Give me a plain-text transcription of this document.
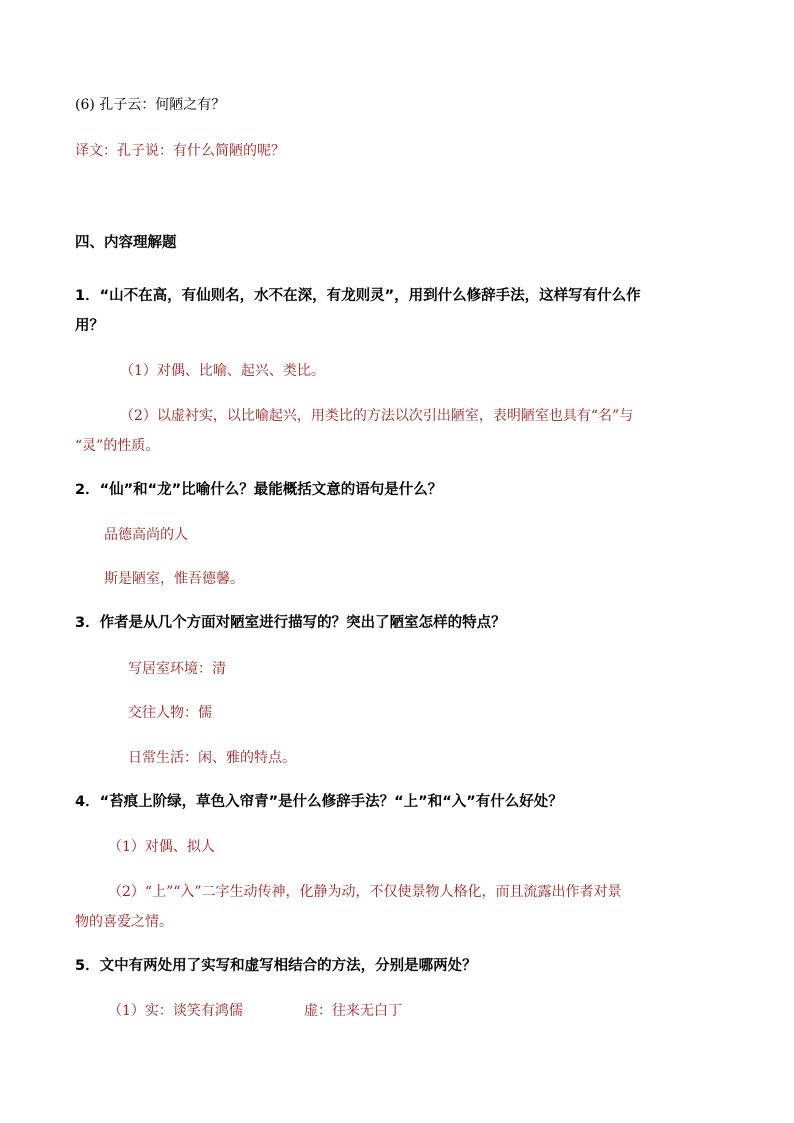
(6) 孔子云：何陋之有？
译文：孔子说：有什么简陋的呢？
四、内容理解题
1．“山不在高，有仙则名，水不在深，有龙则灵”，用到什么修辞手法，这样写有什么作
用？
（1）对偶、比喻、起兴、类比。
（2）以虚衬实，以比喻起兴，用类比的方法以次引出陋室，表明陋室也具有“名”与
“灵”的性质。
2．“仙”和“龙”比喻什么？最能概括文意的语句是什么？
品德高尚的人
斯是陋室，惟吾德馨。
3．作者是从几个方面对陋室进行描写的？突出了陋室怎样的特点？
写居室环境：清
交往人物：儒
日常生活：闲、雅的特点。
4．“苔痕上阶绿，草色入帘青”是什么修辞手法？“上”和“入”有什么好处？
（1）对偶、拟人
（2）“上”“入”二字生动传神，化静为动，不仅使景物人格化，而且流露出作者对景
物的喜爱之情。
5．文中有两处用了实写和虚写相结合的方法，分别是哪两处？
（1）实：谈笑有鸿儒	虚：往来无白丁
